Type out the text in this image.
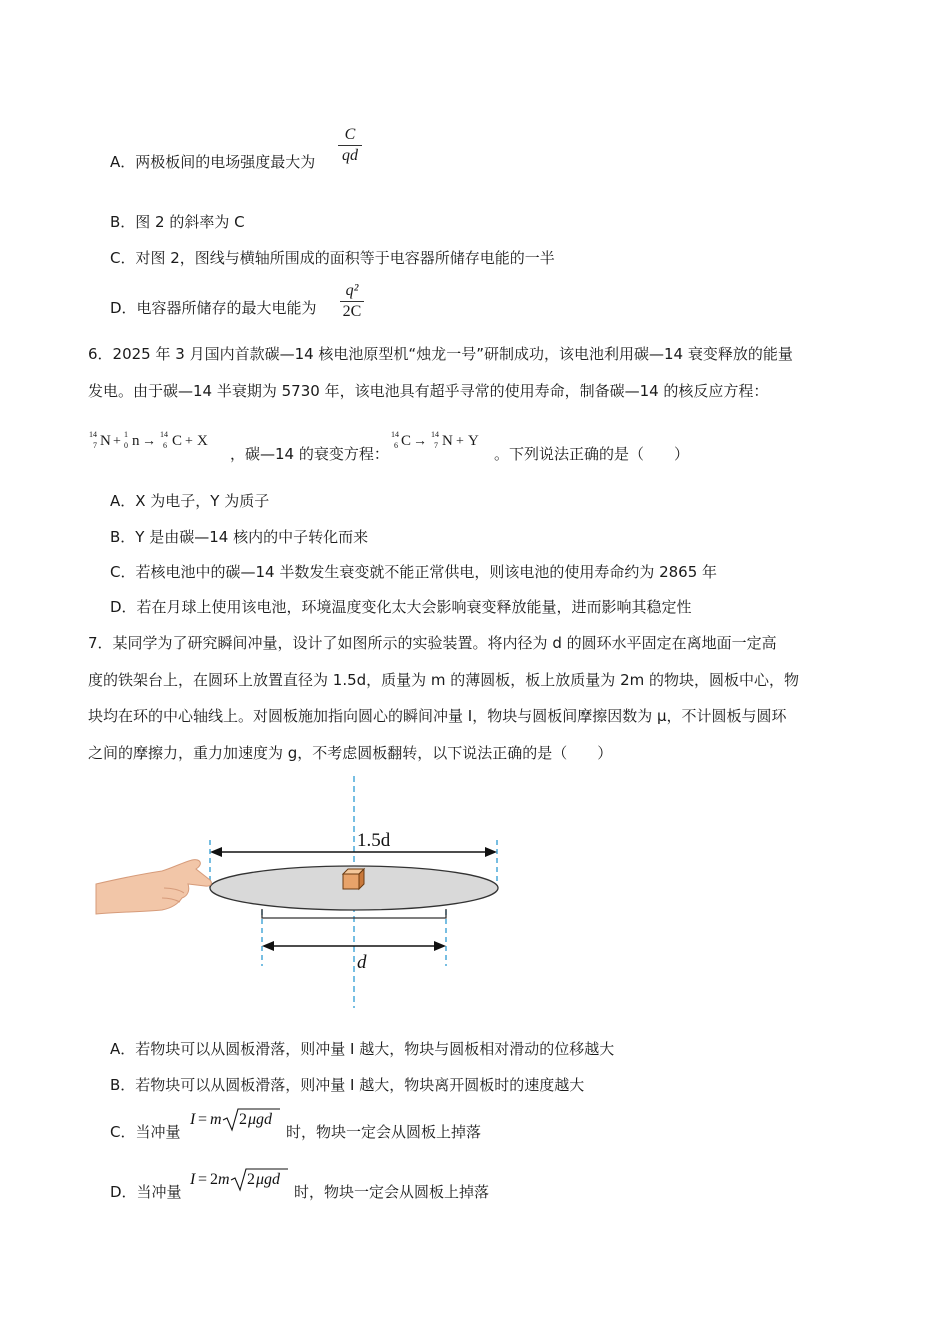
A．两极板间的电场强度最大为
C
qd
B．图 2 的斜率为 C
C．对图 2，图线与横轴所围成的面积等于电容器所储存电能的一半
D．电容器所储存的最大电能为
q²
2C
6．2025 年 3 月国内首款碳—14 核电池原型机“烛龙一号”研制成功，该电池利用碳—14 衰变释放的能量
发电。由于碳—14 半衰期为 5730 年，该电池具有超乎寻常的使用寿命，制备碳—14 的核反应方程：
14
7 N + 1
0 n → 14
6 C + X
，碳—14 的衰变方程：
14
6 C → 14
7 N + Y
。下列说法正确的是（　　）
A．X 为电子，Y 为质子
B．Y 是由碳—14 核内的中子转化而来
C．若核电池中的碳—14 半数发生衰变就不能正常供电，则该电池的使用寿命约为 2865 年
D．若在月球上使用该电池，环境温度变化太大会影响衰变释放能量，进而影响其稳定性
7．某同学为了研究瞬间冲量，设计了如图所示的实验装置。将内径为 d 的圆环水平固定在离地面一定高
度的铁架台上，在圆环上放置直径为 1.5d，质量为 m 的薄圆板，板上放质量为 2m 的物块，圆板中心，物
块均在环的中心轴线上。对圆板施加指向圆心的瞬间冲量 I，物块与圆板间摩擦因数为 μ，不计圆板与圆环
之间的摩擦力，重力加速度为 g，不考虑圆板翻转，以下说法正确的是（　　）
1.5d
d
A．若物块可以从圆板滑落，则冲量 I 越大，物块与圆板相对滑动的位移越大
B．若物块可以从圆板滑落，则冲量 I 越大，物块离开圆板时的速度越大
C．当冲量
I = m 2 μgd
时，物块一定会从圆板上掉落
D．当冲量
I = 2 m 2 μgd
时，物块一定会从圆板上掉落
